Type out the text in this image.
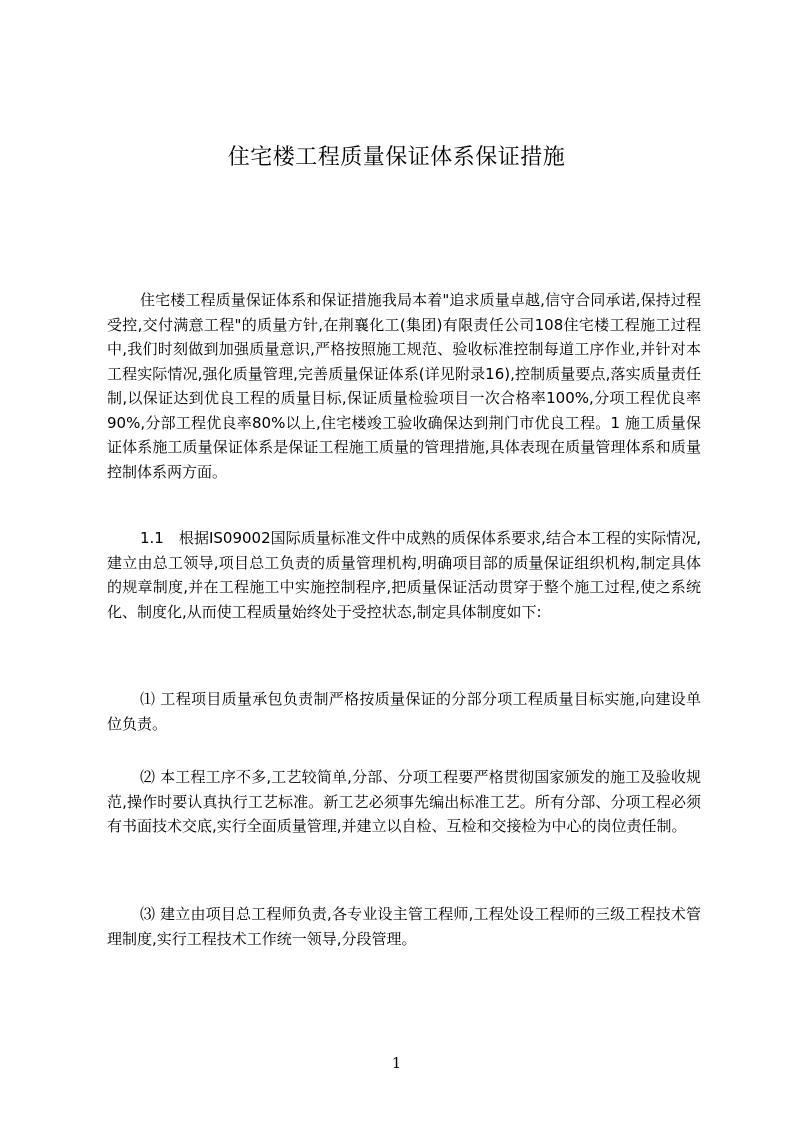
住宅楼工程质量保证体系保证措施

住宅楼工程质量保证体系和保证措施我局本着"追求质量卓越,信守合同承诺,保持过程受控,交付满意工程"的质量方针,在荆襄化工(集团)有限责任公司108住宅楼工程施工过程中,我们时刻做到加强质量意识,严格按照施工规范、验收标准控制每道工序作业,并针对本工程实际情况,强化质量管理,完善质量保证体系(详见附录16),控制质量要点,落实质量责任制,以保证达到优良工程的质量目标,保证质量检验项目一次合格率100%,分项工程优良率90%,分部工程优良率80%以上,住宅楼竣工验收确保达到荆门市优良工程。1 施工质量保证体系施工质量保证体系是保证工程施工质量的管理措施,具体表现在质量管理体系和质量控制体系两方面。

1.1　根据IS09002国际质量标准文件中成熟的质保体系要求,结合本工程的实际情况,建立由总工领导,项目总工负责的质量管理机构,明确项目部的质量保证组织机构,制定具体的规章制度,并在工程施工中实施控制程序,把质量保证活动贯穿于整个施工过程,使之系统化、制度化,从而使工程质量始终处于受控状态,制定具体制度如下:

⑴ 工程项目质量承包负责制严格按质量保证的分部分项工程质量目标实施,向建设单位负责。

⑵ 本工程工序不多,工艺较简单,分部、分项工程要严格贯彻国家颁发的施工及验收规范,操作时要认真执行工艺标准。新工艺必须事先编出标准工艺。所有分部、分项工程必须有书面技术交底,实行全面质量管理,并建立以自检、互检和交接检为中心的岗位责任制。

⑶ 建立由项目总工程师负责,各专业设主管工程师,工程处设工程师的三级工程技术管理制度,实行工程技术工作统一领导,分段管理。

1
